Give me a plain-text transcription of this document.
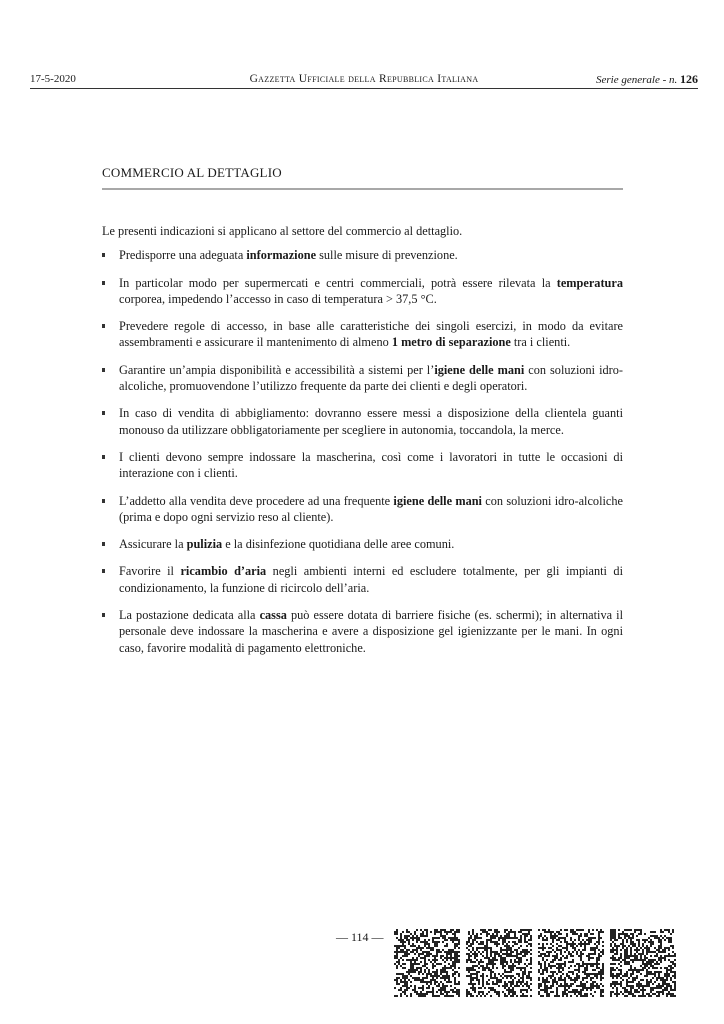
17-5-2020	Gazzetta Ufficiale della Repubblica Italiana	Serie generale - n. 126
COMMERCIO AL DETTAGLIO

Le presenti indicazioni si applicano al settore del commercio al dettaglio.

Predisporre una adeguata informazione sulle misure di prevenzione.
In particolar modo per supermercati e centri commerciali, potrà essere rilevata la temperatura corporea, impedendo l’accesso in caso di temperatura > 37,5 °C.
Prevedere regole di accesso, in base alle caratteristiche dei singoli esercizi, in modo da evitare assembramenti e assicurare il mantenimento di almeno 1 metro di separazione tra i clienti.
Garantire un’ampia disponibilità e accessibilità a sistemi per l’igiene delle mani con soluzioni idro-alcoliche, promuovendone l’utilizzo frequente da parte dei clienti e degli operatori.
In caso di vendita di abbigliamento: dovranno essere messi a disposizione della clientela guanti monouso da utilizzare obbligatoriamente per scegliere in autonomia, toccandola, la merce.
I clienti devono sempre indossare la mascherina, così come i lavoratori in tutte le occasioni di interazione con i clienti.
L’addetto alla vendita deve procedere ad una frequente igiene delle mani con soluzioni idro-alcoliche (prima e dopo ogni servizio reso al cliente).
Assicurare la pulizia e la disinfezione quotidiana delle aree comuni.
Favorire il ricambio d’aria negli ambienti interni ed escludere totalmente, per gli impianti di condizionamento, la funzione di ricircolo dell’aria.
La postazione dedicata alla cassa può essere dotata di barriere fisiche (es. schermi); in alternativa il personale deve indossare la mascherina e avere a disposizione gel igienizzante per le mani. In ogni caso, favorire modalità di pagamento elettroniche.
— 114 —
